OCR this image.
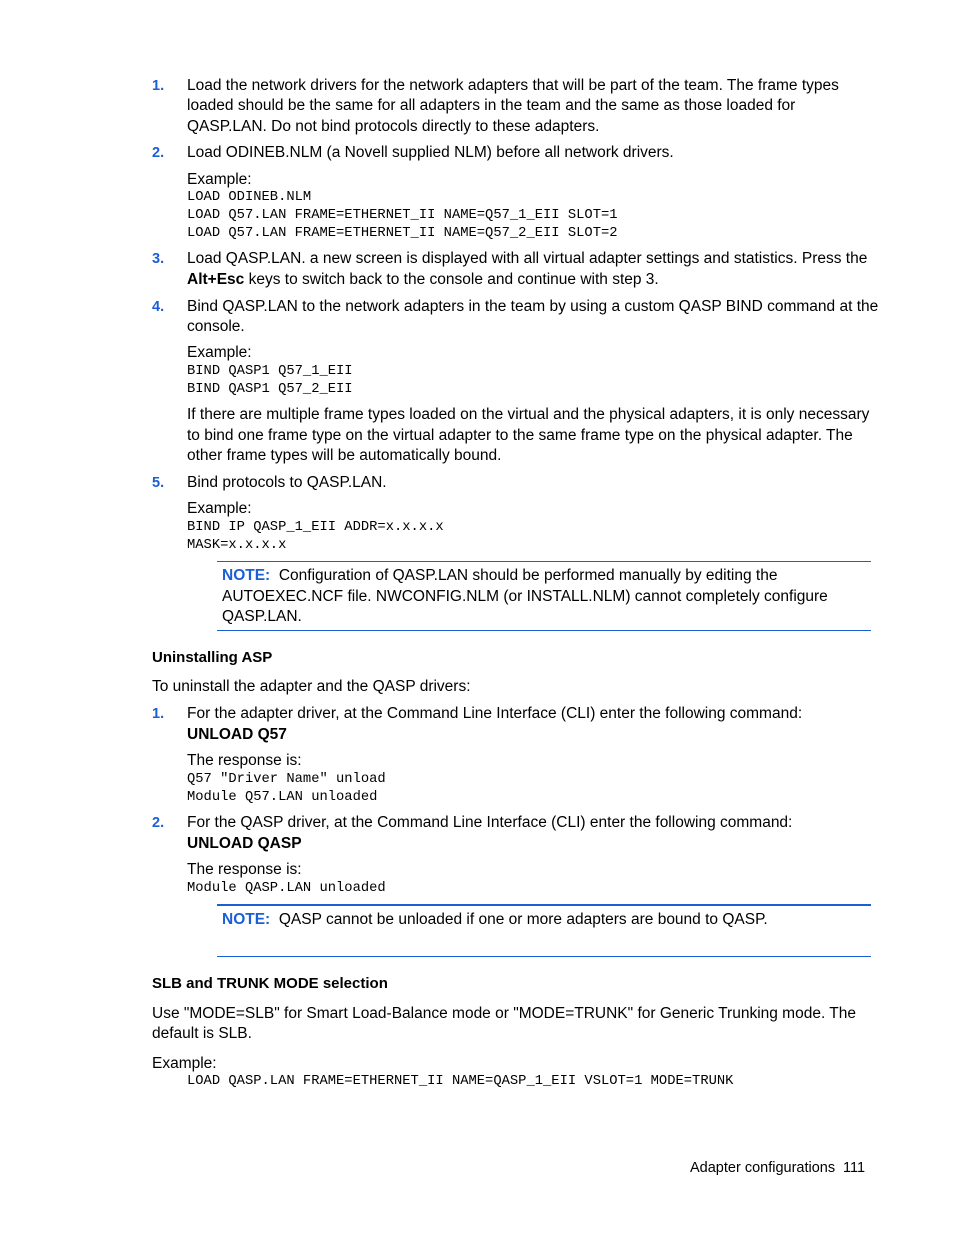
1. Load the network drivers for the network adapters that will be part of the team. The frame types
loaded should be the same for all adapters in the team and the same as those loaded for
QASP.LAN. Do not bind protocols directly to these adapters.
2. Load ODINEB.NLM (a Novell supplied NLM) before all network drivers.
Example:
LOAD ODINEB.NLM
LOAD Q57.LAN FRAME=ETHERNET_II NAME=Q57_1_EII SLOT=1
LOAD Q57.LAN FRAME=ETHERNET_II NAME=Q57_2_EII SLOT=2
3. Load QASP.LAN. a new screen is displayed with all virtual adapter settings and statistics. Press the
Alt+Esc keys to switch back to the console and continue with step 3.
4. Bind QASP.LAN to the network adapters in the team by using a custom QASP BIND command at the
console.
Example:
BIND QASP1 Q57_1_EII
BIND QASP1 Q57_2_EII
If there are multiple frame types loaded on the virtual and the physical adapters, it is only necessary
to bind one frame type on the virtual adapter to the same frame type on the physical adapter. The
other frame types will be automatically bound.
5. Bind protocols to QASP.LAN.
Example:
BIND IP QASP_1_EII ADDR=x.x.x.x
MASK=x.x.x.x
NOTE: Configuration of QASP.LAN should be performed manually by editing the
AUTOEXEC.NCF file. NWCONFIG.NLM (or INSTALL.NLM) cannot completely configure
QASP.LAN.
Uninstalling ASP
To uninstall the adapter and the QASP drivers:
1. For the adapter driver, at the Command Line Interface (CLI) enter the following command:
UNLOAD Q57
The response is:
Q57 "Driver Name" unload
Module Q57.LAN unloaded
2. For the QASP driver, at the Command Line Interface (CLI) enter the following command:
UNLOAD QASP
The response is:
Module QASP.LAN unloaded
NOTE: QASP cannot be unloaded if one or more adapters are bound to QASP.
SLB and TRUNK MODE selection
Use "MODE=SLB" for Smart Load-Balance mode or "MODE=TRUNK" for Generic Trunking mode. The
default is SLB.
Example:
LOAD QASP.LAN FRAME=ETHERNET_II NAME=QASP_1_EII VSLOT=1 MODE=TRUNK
Adapter configurations 111
